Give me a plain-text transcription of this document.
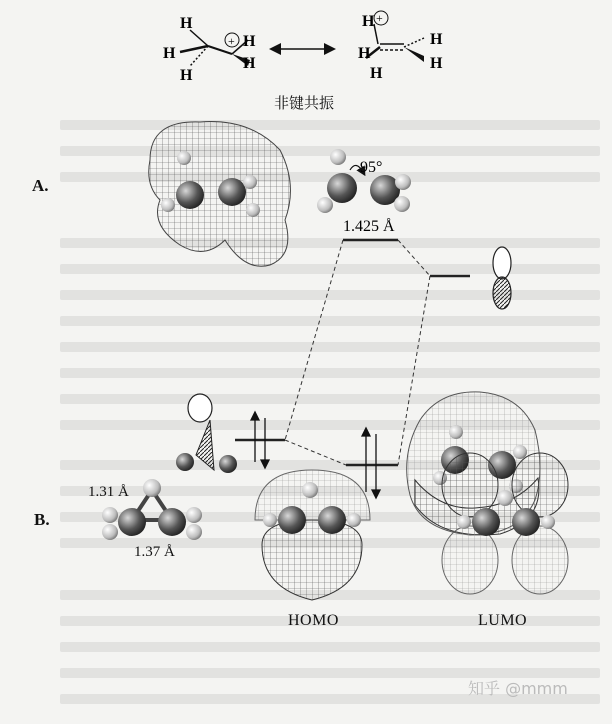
H
H
H
H
H
+
H +
H
H
H
H
95°
1.425 Å
非键共振
A.
B.
1.31 Å
1.37 Å
HOMO	LUMO
知乎 @mmm
